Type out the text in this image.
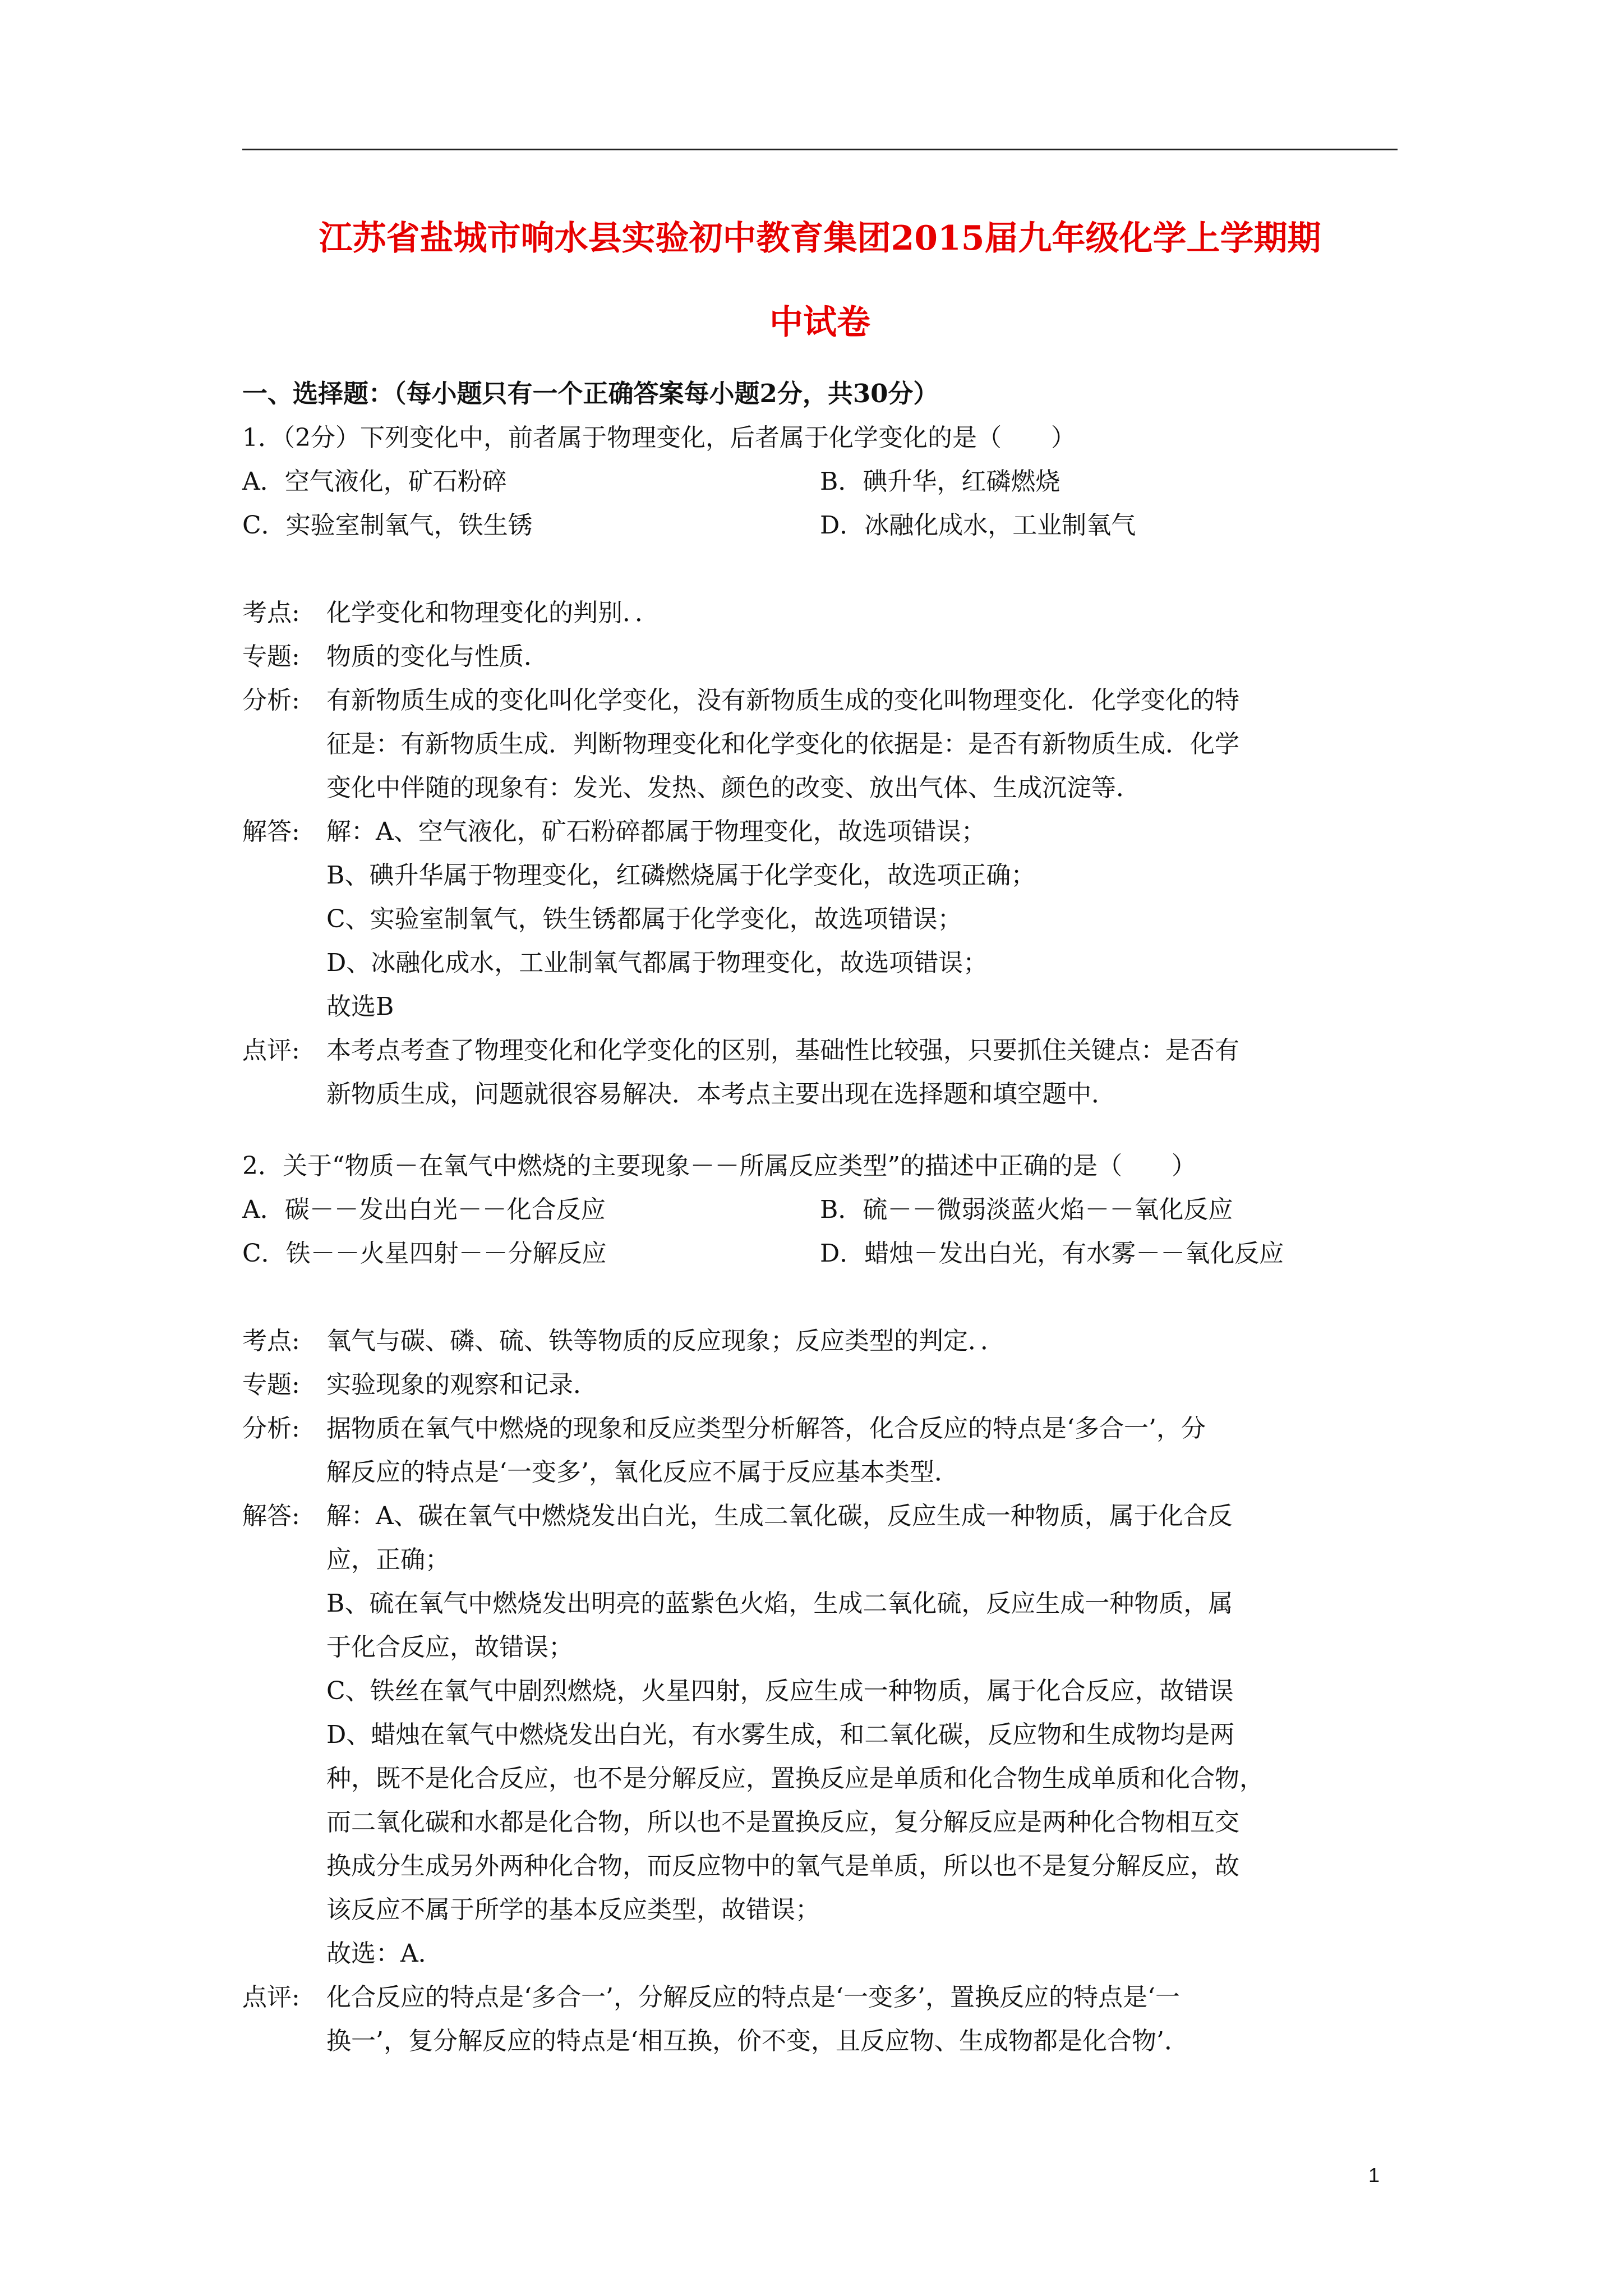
江苏省盐城市响水县实验初中教育集团2015届九年级化学上学期期
中试卷
一、选择题：（每小题只有一个正确答案每小题2分，共30分）
1．（2分）下列变化中，前者属于物理变化，后者属于化学变化的是（　　）
A．空气液化，矿石粉碎	B．碘升华，红磷燃烧
C．实验室制氧气，铁生锈	D．冰融化成水，工业制氧气
考点:	化学变化和物理变化的判别．．
专题:	物质的变化与性质．
分析:	有新物质生成的变化叫化学变化，没有新物质生成的变化叫物理变化．化学变化的特
征是：有新物质生成．判断物理变化和化学变化的依据是：是否有新物质生成．化学
变化中伴随的现象有：发光、发热、颜色的改变、放出气体、生成沉淀等．
解答:	解：A、空气液化，矿石粉碎都属于物理变化，故选项错误；
B、碘升华属于物理变化，红磷燃烧属于化学变化，故选项正确；
C、实验室制氧气，铁生锈都属于化学变化，故选项错误；
D、冰融化成水，工业制氧气都属于物理变化，故选项错误；
故选B
点评:	本考点考查了物理变化和化学变化的区别，基础性比较强，只要抓住关键点：是否有
新物质生成，问题就很容易解决．本考点主要出现在选择题和填空题中．
2．关于“物质－在氧气中燃烧的主要现象－－所属反应类型”的描述中正确的是（　　）
A．碳－－发出白光－－化合反应	B．硫－－微弱淡蓝火焰－－氧化反应
C．铁－－火星四射－－分解反应	D．蜡烛－发出白光，有水雾－－氧化反应
考点:	氧气与碳、磷、硫、铁等物质的反应现象；反应类型的判定．．
专题:	实验现象的观察和记录．
分析:	据物质在氧气中燃烧的现象和反应类型分析解答，化合反应的特点是‘多合一’，分
解反应的特点是‘一变多’，氧化反应不属于反应基本类型．
解答:	解：A、碳在氧气中燃烧发出白光，生成二氧化碳，反应生成一种物质，属于化合反
应，正确；
B、硫在氧气中燃烧发出明亮的蓝紫色火焰，生成二氧化硫，反应生成一种物质，属
于化合反应，故错误；
C、铁丝在氧气中剧烈燃烧，火星四射，反应生成一种物质，属于化合反应，故错误
D、蜡烛在氧气中燃烧发出白光，有水雾生成，和二氧化碳，反应物和生成物均是两
种，既不是化合反应，也不是分解反应，置换反应是单质和化合物生成单质和化合物，
而二氧化碳和水都是化合物，所以也不是置换反应，复分解反应是两种化合物相互交
换成分生成另外两种化合物，而反应物中的氧气是单质，所以也不是复分解反应，故
该反应不属于所学的基本反应类型，故错误；
故选：A．
点评:	化合反应的特点是‘多合一’，分解反应的特点是‘一变多’，置换反应的特点是‘一
换一’，复分解反应的特点是‘相互换，价不变，且反应物、生成物都是化合物’．
1
